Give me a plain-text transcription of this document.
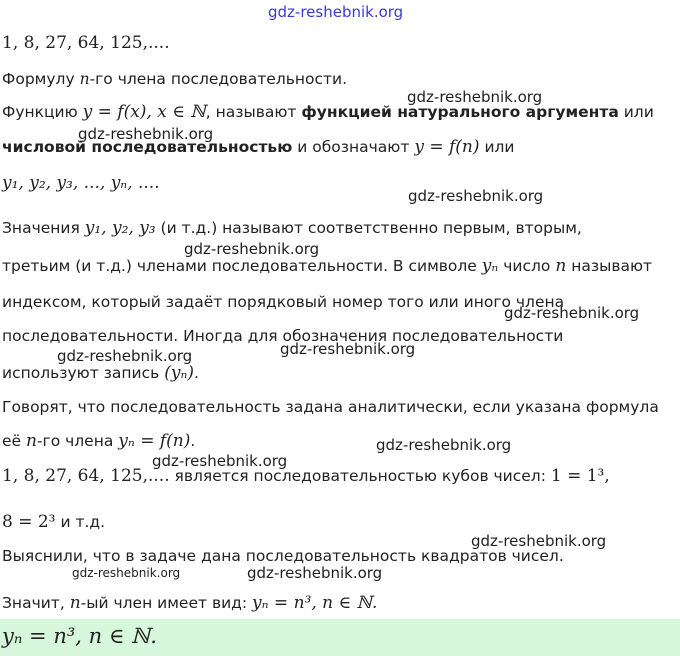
gdz-reshebnik.org
gdz-reshebnik.org
gdz-reshebnik.org
gdz-reshebnik.org
gdz-reshebnik.org
gdz-reshebnik.org
gdz-reshebnik.org
gdz-reshebnik.org
gdz-reshebnik.org
gdz-reshebnik.org
gdz-reshebnik.org
gdz-reshebnik.org	gdz-reshebnik.org
1, 8, 27, 64, 125,....
Формулу n-го члена последовательности.
Функцию y = f(x), x ∈ ℕ, называют функцией натурального аргумента или
числовой последовательностью и обозначают y = f(n) или
y₁, y₂, y₃, ..., yₙ, ....
Значения y₁, y₂, y₃ (и т.д.) называют соответственно первым, вторым,
третьим (и т.д.) членами последовательности. В символе yₙ число n называют
индексом, который задаёт порядковый номер того или иного члена
последовательности. Иногда для обозначения последовательности
используют запись (yₙ).
Говорят, что последовательность задана аналитически, если указана формула
её n-го члена yₙ = f(n).
1, 8, 27, 64, 125,.... является последовательностью кубов чисел: 1 = 1³,
8 = 2³ и т.д.
Выяснили, что в задаче дана последовательность квадратов чисел.
Значит, n-ый член имеет вид: yₙ = n³, n ∈ ℕ.
yₙ = n³, n ∈ ℕ.
